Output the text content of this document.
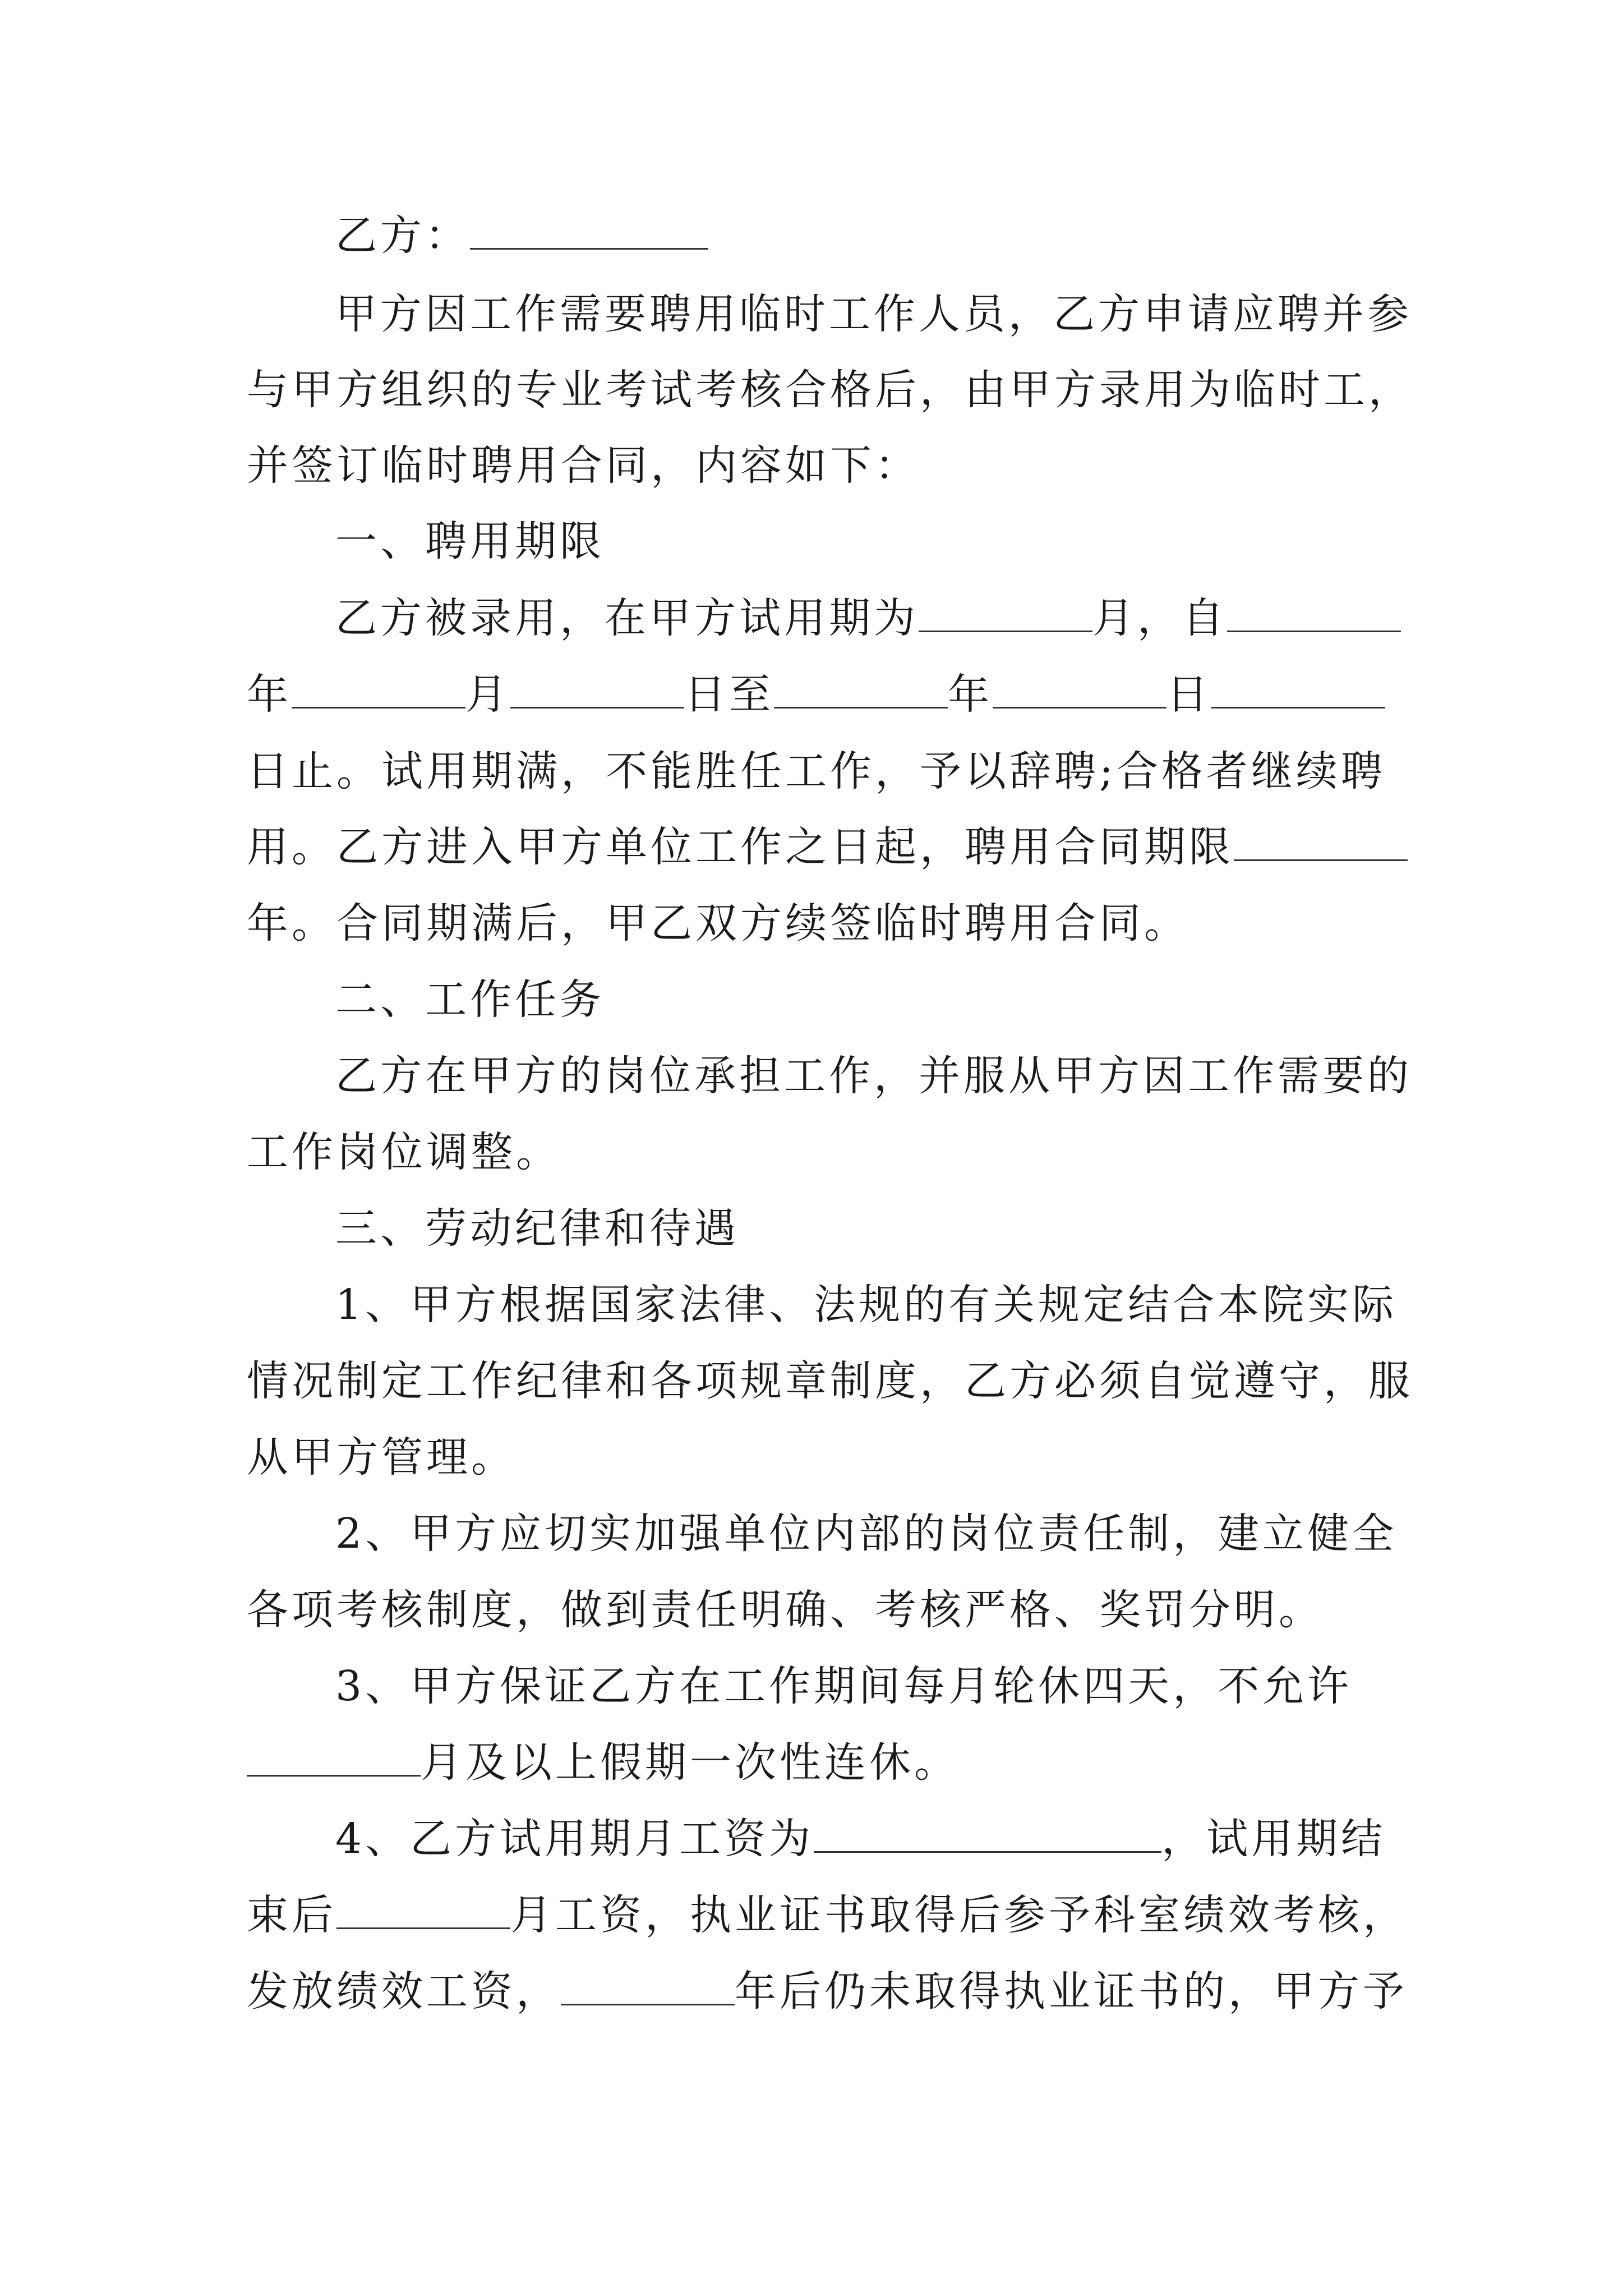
乙方：
甲方因工作需要聘用临时工作人员，乙方申请应聘并参
与甲方组织的专业考试考核合格后，由甲方录用为临时工，
并签订临时聘用合同，内容如下：
一、聘用期限
乙方被录用，在甲方试用期为	月，自
年	月	日至	年	日
日止。试用期满，不能胜任工作，予以辞聘;合格者继续聘
用。乙方进入甲方单位工作之日起，聘用合同期限
年。合同期满后，甲乙双方续签临时聘用合同。
二、工作任务
乙方在甲方的岗位承担工作，并服从甲方因工作需要的
工作岗位调整。
三、劳动纪律和待遇
1、甲方根据国家法律、法规的有关规定结合本院实际
情况制定工作纪律和各项规章制度，乙方必须自觉遵守，服
从甲方管理。
2、甲方应切实加强单位内部的岗位责任制，建立健全
各项考核制度，做到责任明确、考核严格、奖罚分明。
3、甲方保证乙方在工作期间每月轮休四天，不允许
月及以上假期一次性连休。
4、乙方试用期月工资为	，试用期结
束后	月工资，执业证书取得后参予科室绩效考核，
发放绩效工资，	年后仍未取得执业证书的，甲方予
